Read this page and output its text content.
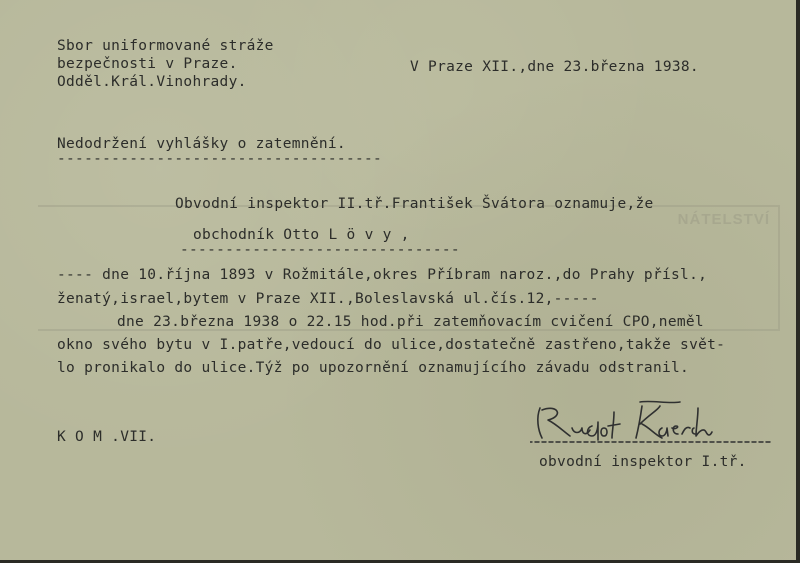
NÁTELSTVÍ
Sbor uniformované stráže
bezpečnosti v Praze.
Odděl.Král.Vinohrady.
V Praze XII.,dne 23.března 1938.
Nedodržení vyhlášky o zatemnění.
------------------------------------
Obvodní inspektor II.tř.František Švátora oznamuje,že
obchodník Otto L ö v y ,
-------------------------------
---- dne 10.října 1893 v Rožmitále,okres Příbram naroz.,do Prahy přísl.,
ženatý,israel,bytem v Praze XII.,Boleslavská ul.čís.12,-----
dne 23.března 1938 o 22.15 hod.při zatemňovacím cvičení CPO,neměl
okno svého bytu v I.patře,vedoucí do ulice,dostatečně zastřeno,takže svět-
lo pronikalo do ulice.Týž po upozornění oznamujícího závadu odstranil.
K O M .VII.
obvodní inspektor I.tř.
